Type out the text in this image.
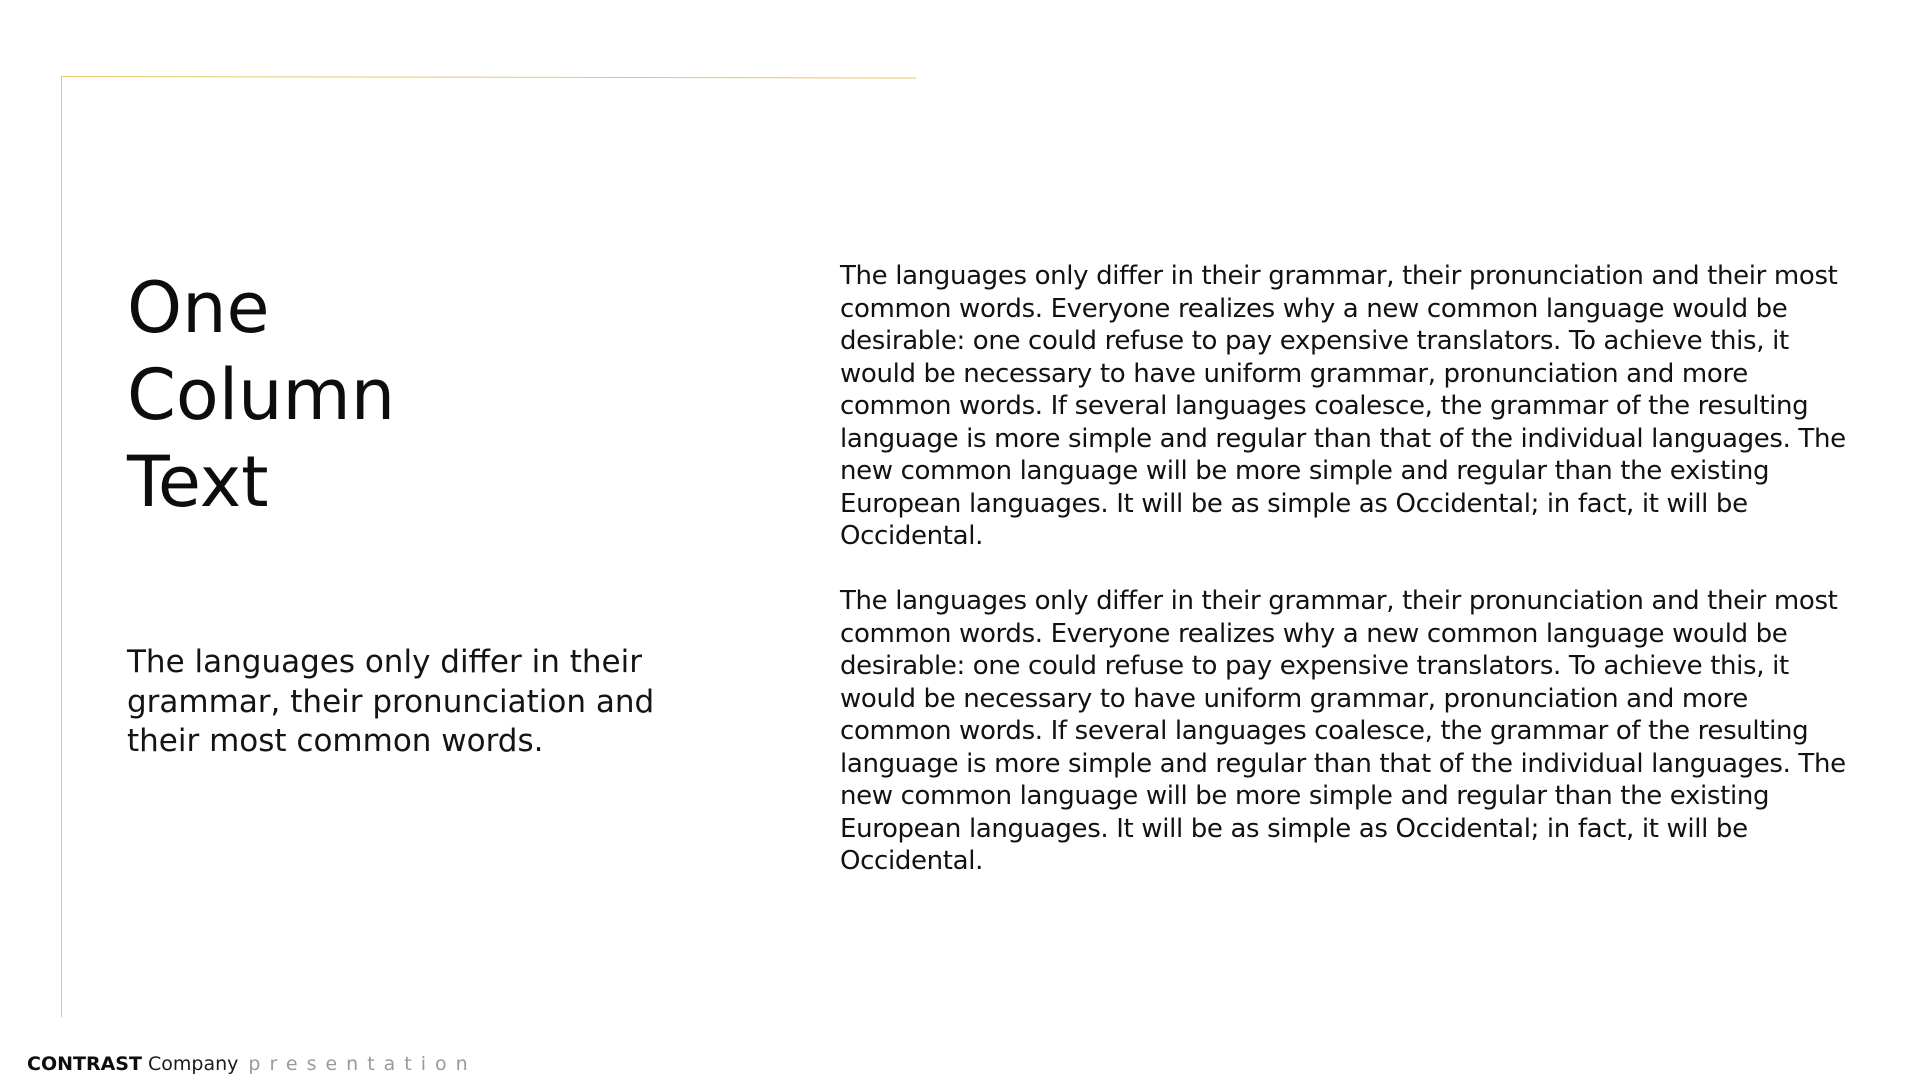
One
Column
Text

The languages only differ in their grammar, their pronunciation and their most common words.

The languages only differ in their grammar, their pronunciation and their most common words. Everyone realizes why a new common language would be desirable: one could refuse to pay expensive translators. To achieve this, it would be necessary to have uniform grammar, pronunciation and more common words. If several languages coalesce, the grammar of the resulting language is more simple and regular than that of the individual languages. The new common language will be more simple and regular than the existing European languages. It will be as simple as Occidental; in fact, it will be Occidental.

The languages only differ in their grammar, their pronunciation and their most common words. Everyone realizes why a new common language would be desirable: one could refuse to pay expensive translators. To achieve this, it would be necessary to have uniform grammar, pronunciation and more common words. If several languages coalesce, the grammar of the resulting language is more simple and regular than that of the individual languages. The new common language will be more simple and regular than the existing European languages. It will be as simple as Occidental; in fact, it will be Occidental.

CONTRAST Company presentation
